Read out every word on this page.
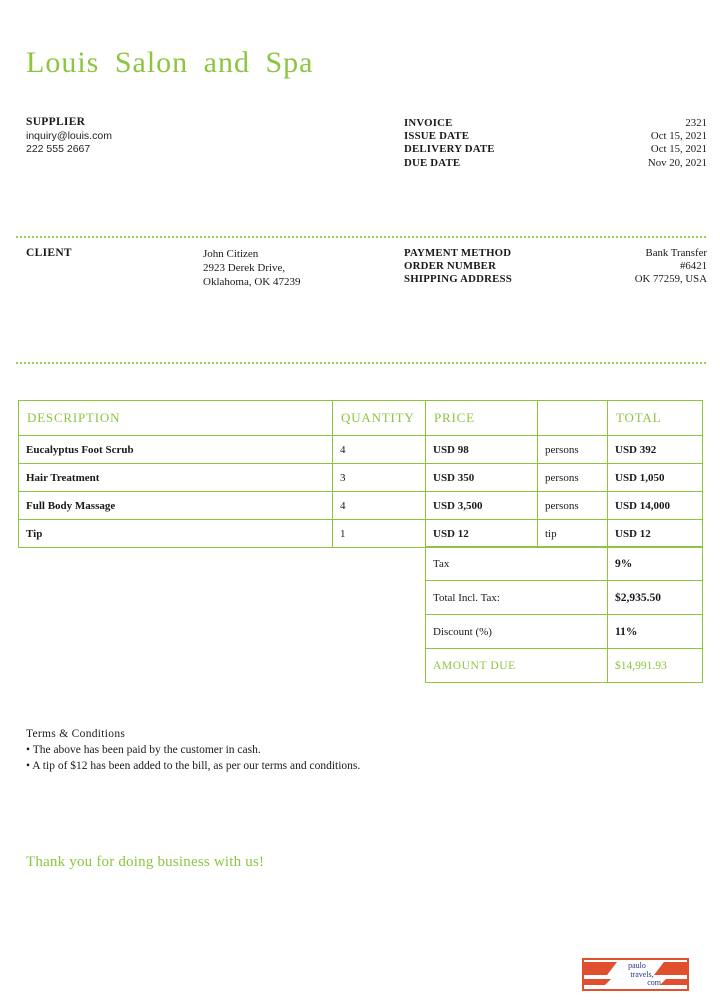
Louis Salon and Spa
SUPPLIER
inquiry@louis.com
222 555 2667
INVOICE	2321
ISSUE DATE	Oct 15, 2021
DELIVERY DATE	Oct 15, 2021
DUE DATE	Nov 20, 2021
CLIENT	John Citizen
2923 Derek Drive,
Oklahoma, OK 47239
PAYMENT METHOD	Bank Transfer
ORDER NUMBER	#6421
SHIPPING ADDRESS	OK 77259, USA
DESCRIPTION	QUANTITY	PRICE		TOTAL
Eucalyptus Foot Scrub	4	USD 98	persons	USD 392
Hair Treatment	3	USD 350	persons	USD 1,050
Full Body Massage	4	USD 3,500	persons	USD 14,000
Tip	1	USD 12	tip	USD 12
Tax	9%
Total Incl. Tax:	$2,935.50
Discount (%)	11%
AMOUNT DUE	$14,991.93
Terms & Conditions
• The above has been paid by the customer in cash.
• A tip of $12 has been added to the bill, as per our terms and conditions.
Thank you for doing business with us!
paulo
travels,
com
